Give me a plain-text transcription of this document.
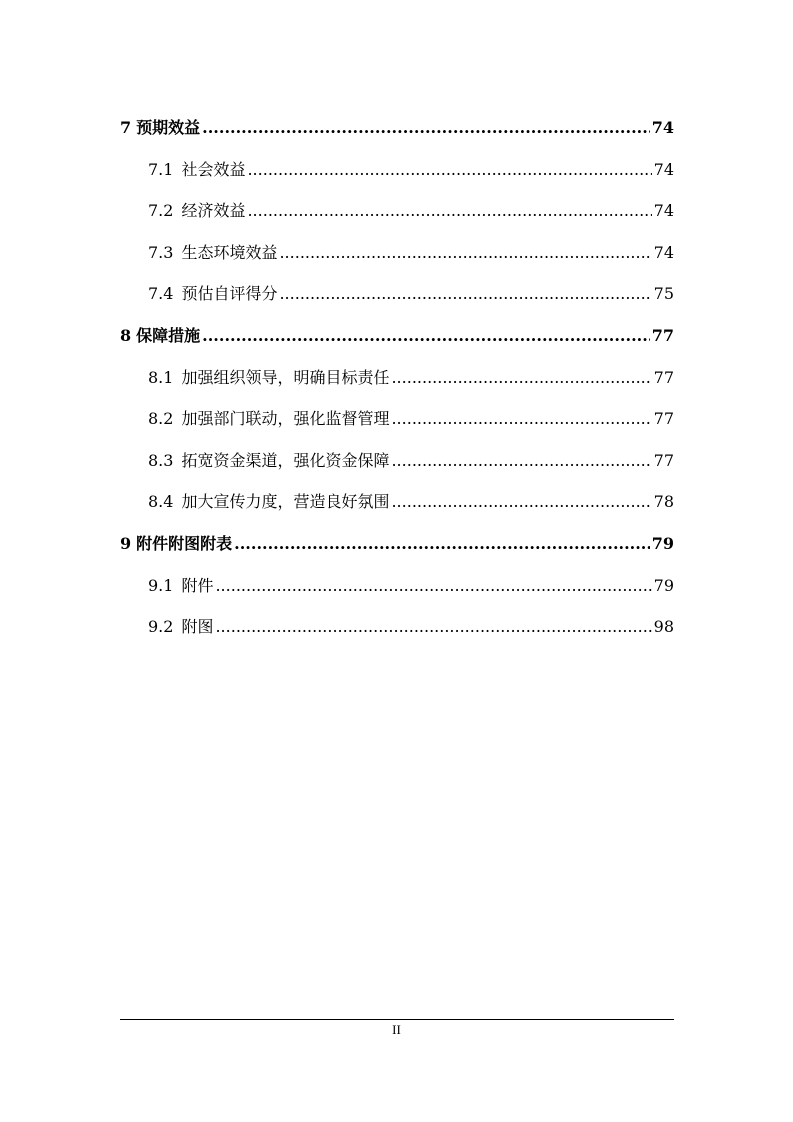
7 预期效益 .....	74
7.1 社会效益 .....	74
7.2 经济效益 .....	74
7.3 生态环境效益 .....	74
7.4 预估自评得分 .....	75
8 保障措施 .....	77
8.1 加强组织领导，明确目标责任 .....	77
8.2 加强部门联动，强化监督管理 .....	77
8.3 拓宽资金渠道，强化资金保障 .....	77
8.4 加大宣传力度，营造良好氛围 .....	78
9 附件附图附表 .....	79
9.1 附件 .....	79
9.2 附图 .....	98
II
